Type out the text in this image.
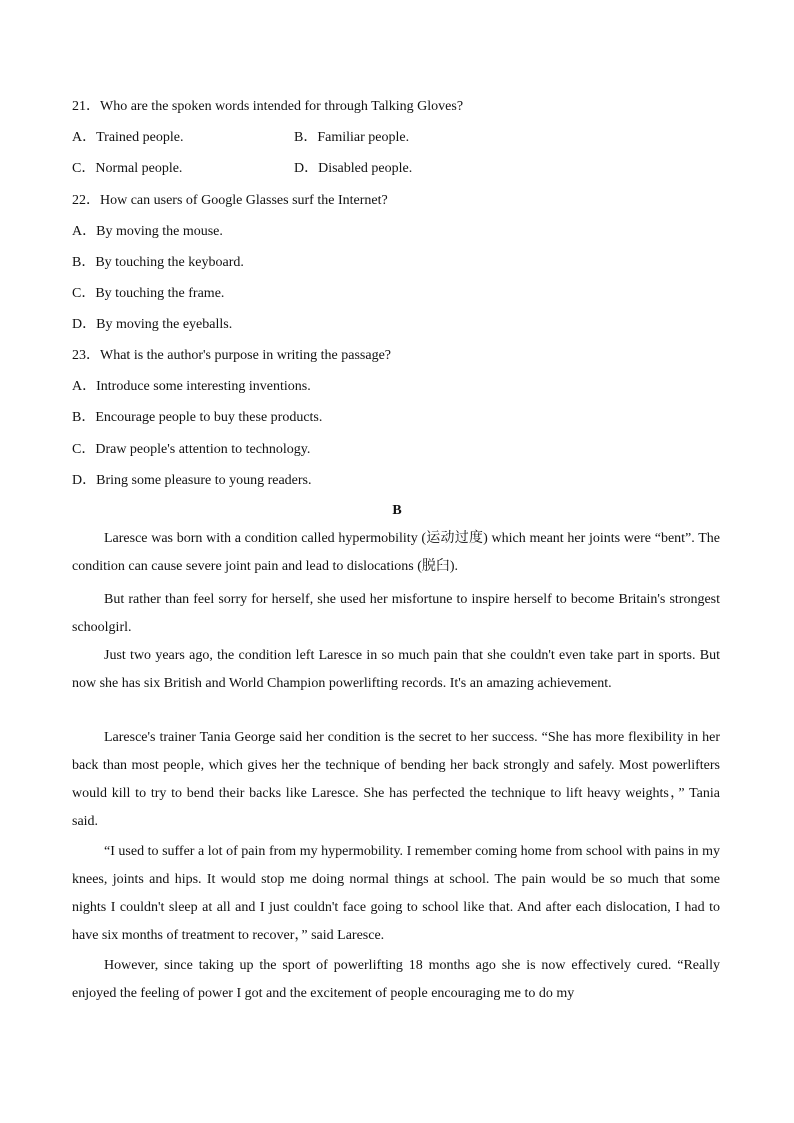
21．Who are the spoken words intended for through Talking Gloves?
A．Trained people.	B．Familiar people.
C．Normal people.	D．Disabled people.
22．How can users of Google Glasses surf the Internet?
A．By moving the mouse.
B．By touching the keyboard.
C．By touching the frame.
D．By moving the eyeballs.
23．What is the author's purpose in writing the passage?
A．Introduce some interesting inventions.
B．Encourage people to buy these products.
C．Draw people's attention to technology.
D．Bring some pleasure to young readers.
B
Laresce was born with a condition called hypermobility (运动过度) which meant her joints were “bent”. The condition can cause severe joint pain and lead to dislocations (脱臼).
But rather than feel sorry for herself, she used her misfortune to inspire herself to become Britain's strongest schoolgirl.
Just two years ago, the condition left Laresce in so much pain that she couldn't even take part in sports. But now she has six British and World Champion powerlifting records. It's an amazing achievement.
Laresce's trainer Tania George said her condition is the secret to her success. “She has more flexibility in her back than most people, which gives her the technique of bending her back strongly and safely. Most powerlifters would kill to try to bend their backs like Laresce. She has perfected the technique to lift heavy weights，” Tania said.
“I used to suffer a lot of pain from my hypermobility. I remember coming home from school with pains in my knees, joints and hips. It would stop me doing normal things at school. The pain would be so much that some nights I couldn't sleep at all and I just couldn't face going to school like that. And after each dislocation, I had to have six months of treatment to recover，” said Laresce.
However, since taking up the sport of powerlifting 18 months ago she is now effectively cured. “Really enjoyed the feeling of power I got and the excitement of people encouraging me to do my
